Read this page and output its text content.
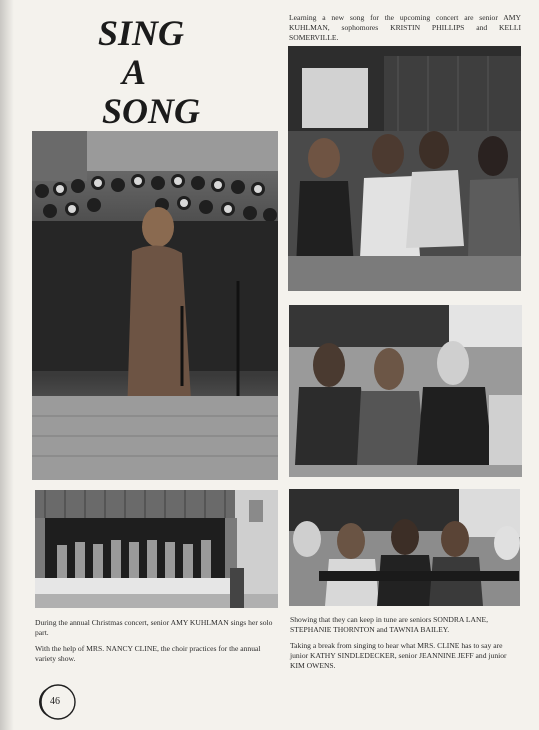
SING
A
SONG
Learning a new song for the upcoming concert are senior AMY KUHLMAN, sophomores KRISTIN PHILLIPS and KELLI SOMERVILLE.
During the annual Christmas concert, senior AMY KUHLMAN sings her solo part.
With the help of MRS. NANCY CLINE, the choir practices for the annual variety show.
Showing that they can keep in tune are seniors SONDRA LANE, STEPHANIE THORNTON and TAWNIA BAILEY.
Taking a break from singing to hear what MRS. CLINE has to say are junior KATHY SINDLEDECKER, senior JEANNINE JEFF and junior KIM OWENS.
46
